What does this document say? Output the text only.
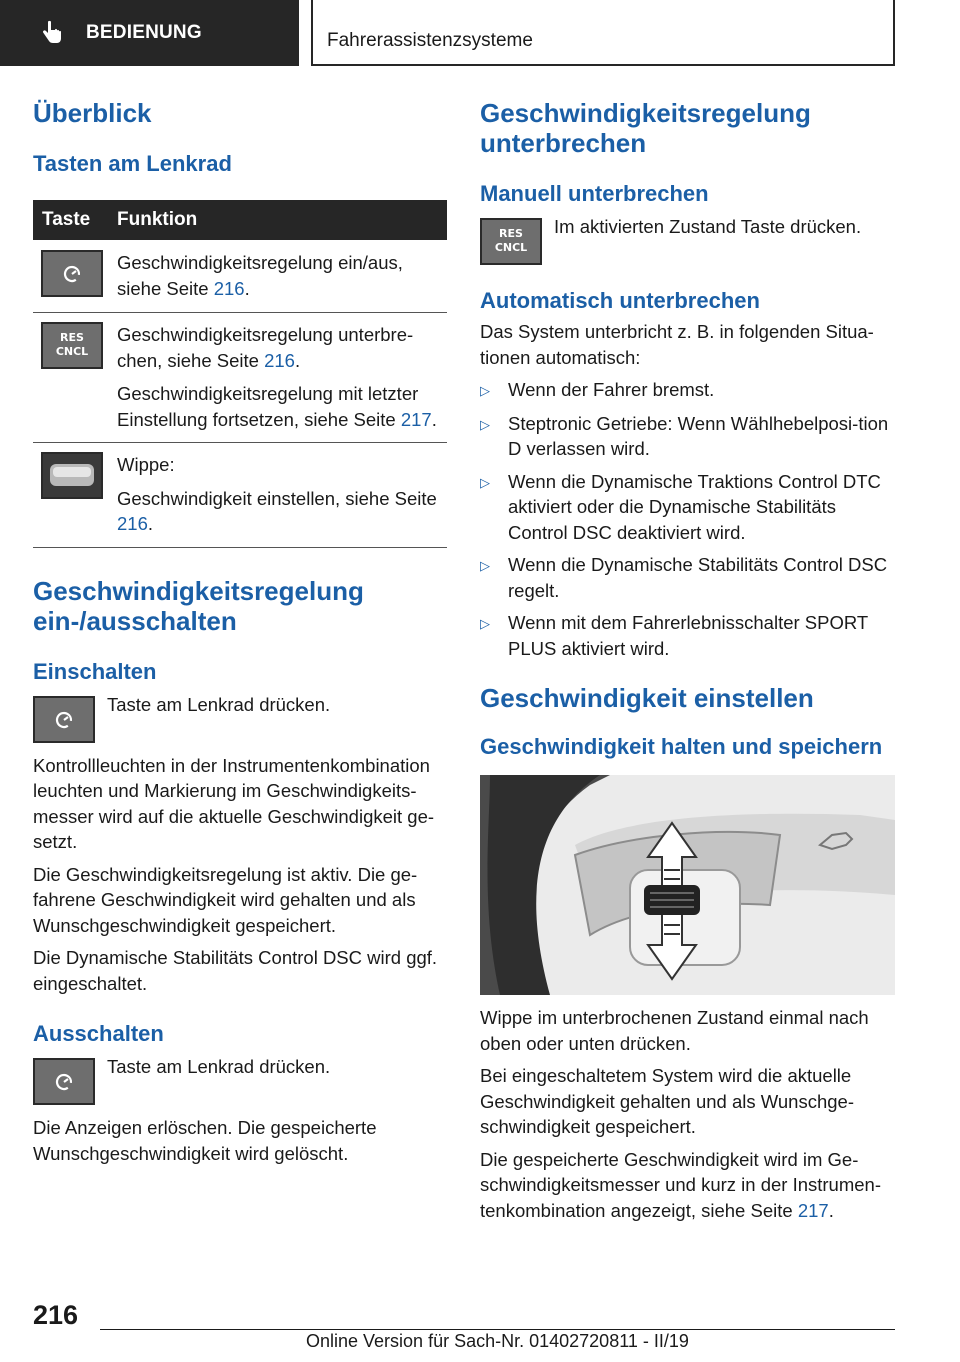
BEDIENUNG	Fahrerassistenzsysteme
Überblick
Tasten am Lenkrad
Taste	Funktion

Geschwindigkeitsregelung ein/aus, siehe Seite 216.

RES
CNCL

Geschwindigkeitsregelung unterbre-chen, siehe Seite 216.

Geschwindigkeitsregelung mit letzter Einstellung fortsetzen, siehe Seite 217.

Wippe:

Geschwindigkeit einstellen, siehe Seite 216.

Geschwindigkeitsregelung ein-/ausschalten
Einschalten

Taste am Lenkrad drücken.

Kontrollleuchten in der Instrumentenkombination leuchten und Markierung im Geschwindigkeits-messer wird auf die aktuelle Geschwindigkeit ge-setzt.

Die Geschwindigkeitsregelung ist aktiv. Die ge-fahrene Geschwindigkeit wird gehalten und als Wunschgeschwindigkeit gespeichert.

Die Dynamische Stabilitäts Control DSC wird ggf. eingeschaltet.

Ausschalten

Taste am Lenkrad drücken.

Die Anzeigen erlöschen. Die gespeicherte Wunschgeschwindigkeit wird gelöscht.

Geschwindigkeitsregelung unterbrechen
Manuell unterbrechen
RES
CNCL

Im aktivierten Zustand Taste drücken.

Automatisch unterbrechen

Das System unterbricht z. B. in folgenden Situa-tionen automatisch:

▷ Wenn der Fahrer bremst.
▷ Steptronic Getriebe: Wenn Wählhebelposi-tion D verlassen wird.
▷ Wenn die Dynamische Traktions Control DTC aktiviert oder die Dynamische Stabilitäts Control DSC deaktiviert wird.
▷ Wenn die Dynamische Stabilitäts Control DSC regelt.
▷ Wenn mit dem Fahrerlebnisschalter SPORT PLUS aktiviert wird.
Geschwindigkeit einstellen
Geschwindigkeit halten und speichern

Wippe im unterbrochenen Zustand einmal nach oben oder unten drücken.

Bei eingeschaltetem System wird die aktuelle Geschwindigkeit gehalten und als Wunschge-schwindigkeit gespeichert.

Die gespeicherte Geschwindigkeit wird im Ge-schwindigkeitsmesser und kurz in der Instrumen-tenkombination angezeigt, siehe Seite 217.

216
Online Version für Sach-Nr. 01402720811 - II/19
